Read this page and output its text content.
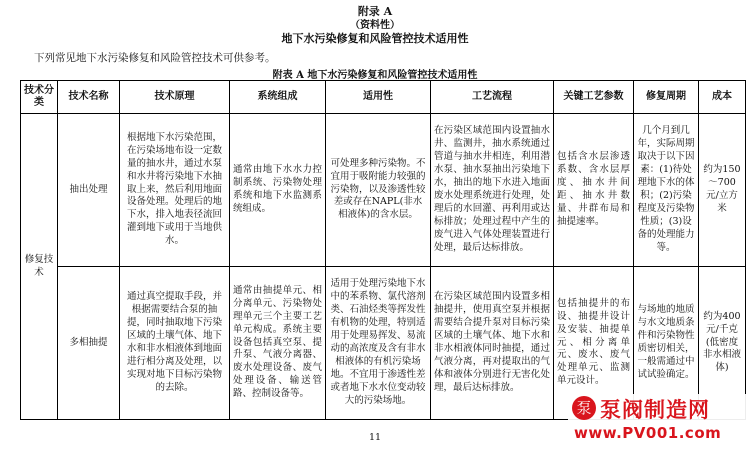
附录 A
（资料性）
地下水污染修复和风险管控技术适用性
下列常见地下水污染修复和风险管控技术可供参考。
附表 A 地下水污染修复和风险管控技术适用性
技术分类	技术名称	技术原理	系统组成	适用性	工艺流程	关键工艺参数	修复周期	成本
修复技术	抽出处理	根据地下水污染范围，在污染场地布设一定数量的抽水井，通过水泵和水井将污染地下水抽取上来，然后利用地面设备处理。处理后的地下水，排入地表径流回灌到地下或用于当地供水。	通常由地下水水力控制系统、污染物处理系统和地下水监测系统组成。	可处理多种污染物。不宜用于吸附能力较强的污染物，以及渗透性较差或存在NAPL(非水相液体)的含水层。	在污染区域范围内设置抽水井、监测井，抽水系统通过管道与抽水井相连，利用潜水泵、抽水泵抽出污染地下水，抽出的地下水进入地面废水处理系统进行处理，处理后的水回灌、再利用或达标排放；处理过程中产生的废气进入气体处理装置进行处理，最后达标排放。	包括含水层渗透系数、含水层厚度、抽水井间距、抽水井数量、井群布局和抽提速率。	几个月到几年，实际周期取决于以下因素：(1)待处理地下水的体积；(2)污染程度及污染物性质；(3)设备的处理能力等。	约为150～700元/立方米
	多相抽提	通过真空提取手段，并根据需要结合泵的抽提，同时抽取地下污染区域的土壤气体、地下水和非水相液体到地面进行相分离及处理，以实现对地下目标污染物的去除。	通常由抽提单元、相分离单元、污染物处理单元三个主要工艺单元构成。系统主要设备包括真空泵、提升泵、气液分离器、废水处理设备、废气处理设备、输送管路、控制设备等。	适用于处理污染地下水中的苯系物、氯代溶剂类、石油烃类等挥发性有机物的处理，特别适用于处理易挥发、易流动的高浓度及含有非水相液体的有机污染场地。不宜用于渗透性差或者地下水水位变动较大的污染场地。	在污染区域范围内设置多相抽提井，使用真空泵并根据需要结合提升泵对目标污染区域的土壤气体、地下水和非水相液体同时抽提，通过气液分离，再对提取出的气体和液体分别进行无害化处理，最后达标排放。	包括抽提井的布设、抽提井设计及安装、抽提单元、相分离单元、废水、废气处理单元、监测单元设计。	与场地的地质与水文地质条件和污染物性质密切相关，一般需通过中试试验确定。	约为400元/千克(低密度非水相液体)
11
泵 泵阀制造网
www.PV001.com
